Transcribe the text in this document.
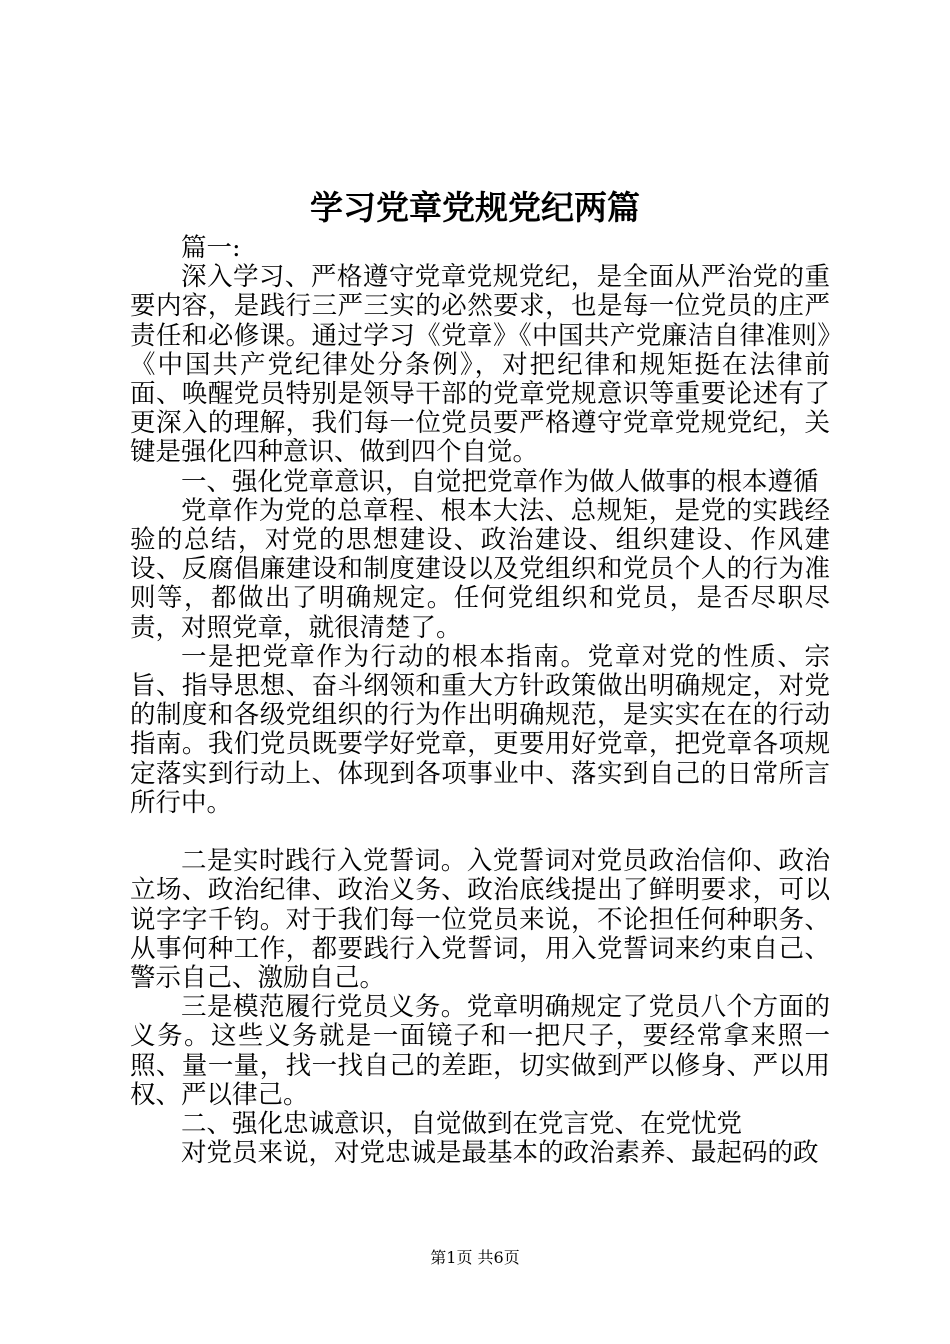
学习党章党规党纪两篇

篇一:

深入学习、严格遵守党章党规党纪，是全面从严治党的重要内容，是践行三严三实的必然要求，也是每一位党员的庄严责任和必修课。通过学习《党章》《中国共产党廉洁自律准则》《中国共产党纪律处分条例》，对把纪律和规矩挺在法律前面、唤醒党员特别是领导干部的党章党规意识等重要论述有了更深入的理解，我们每一位党员要严格遵守党章党规党纪，关键是强化四种意识、做到四个自觉。

一、强化党章意识，自觉把党章作为做人做事的根本遵循

党章作为党的总章程、根本大法、总规矩，是党的实践经验的总结，对党的思想建设、政治建设、组织建设、作风建设、反腐倡廉建设和制度建设以及党组织和党员个人的行为准则等，都做出了明确规定。任何党组织和党员，是否尽职尽责，对照党章，就很清楚了。

一是把党章作为行动的根本指南。党章对党的性质、宗旨、指导思想、奋斗纲领和重大方针政策做出明确规定，对党的制度和各级党组织的行为作出明确规范，是实实在在的行动指南。我们党员既要学好党章，更要用好党章，把党章各项规定落实到行动上、体现到各项事业中、落实到自己的日常所言所行中。

二是实时践行入党誓词。入党誓词对党员政治信仰、政治立场、政治纪律、政治义务、政治底线提出了鲜明要求，可以说字字千钧。对于我们每一位党员来说，不论担任何种职务、从事何种工作，都要践行入党誓词，用入党誓词来约束自己、警示自己、激励自己。

三是模范履行党员义务。党章明确规定了党员八个方面的义务。这些义务就是一面镜子和一把尺子，要经常拿来照一照、量一量，找一找自己的差距，切实做到严以修身、严以用权、严以律己。

二、强化忠诚意识，自觉做到在党言党、在党忧党

对党员来说，对党忠诚是最基本的政治素养、最起码的政

第1页 共6页
